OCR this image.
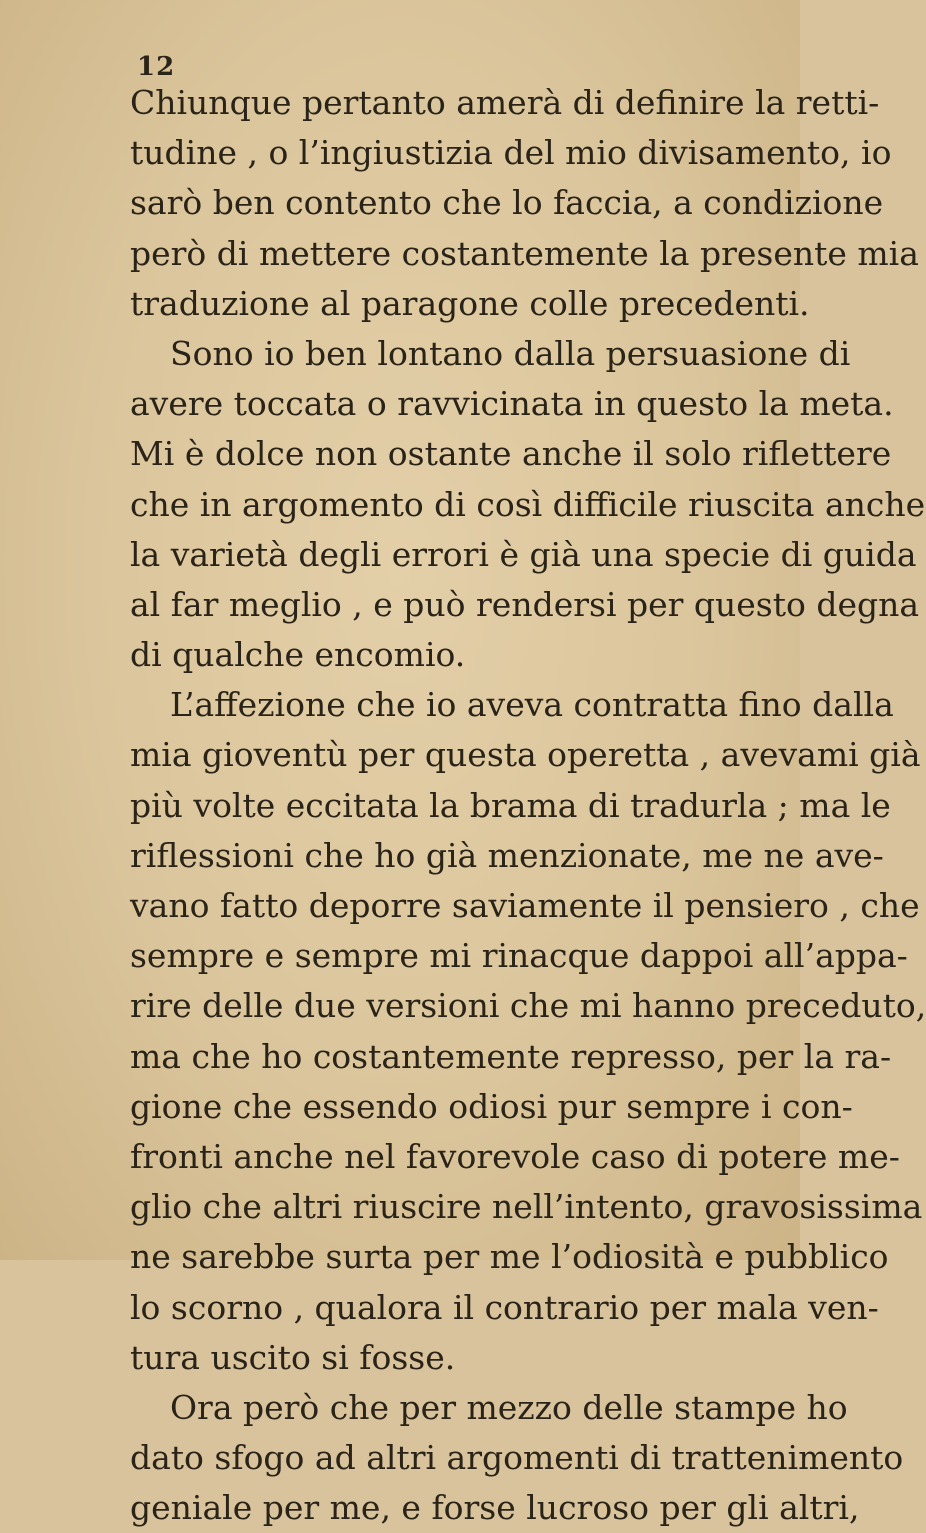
12
Chiunque pertanto amerà di definire la retti-
tudine , o l’ingiustizia del mio divisamento, io
sarò ben contento che lo faccia, a condizione
però di mettere costantemente la presente mia
traduzione al paragone colle precedenti.
Sono io ben lontano dalla persuasione di
avere toccata o ravvicinata in questo la meta.
Mi è dolce non ostante anche il solo riflettere
che in argomento di così difficile riuscita anche
la varietà degli errori è già una specie di guida
al far meglio , e può rendersi per questo degna
di qualche encomio.
L’affezione che io aveva contratta fino dalla
mia gioventù per questa operetta , avevami già
più volte eccitata la brama di tradurla ; ma le
riflessioni che ho già menzionate, me ne ave-
vano fatto deporre saviamente il pensiero , che
sempre e sempre mi rinacque dappoi all’appa-
rire delle due versioni che mi hanno preceduto,
ma che ho costantemente represso, per la ra-
gione che essendo odiosi pur sempre i con-
fronti anche nel favorevole caso di potere me-
glio che altri riuscire nell’intento, gravosissima
ne sarebbe surta per me l’odiosità e pubblico
lo scorno , qualora il contrario per mala ven-
tura uscito si fosse.
Ora però che per mezzo delle stampe ho
dato sfogo ad altri argomenti di trattenimento
geniale per me, e forse lucroso per gli altri,
